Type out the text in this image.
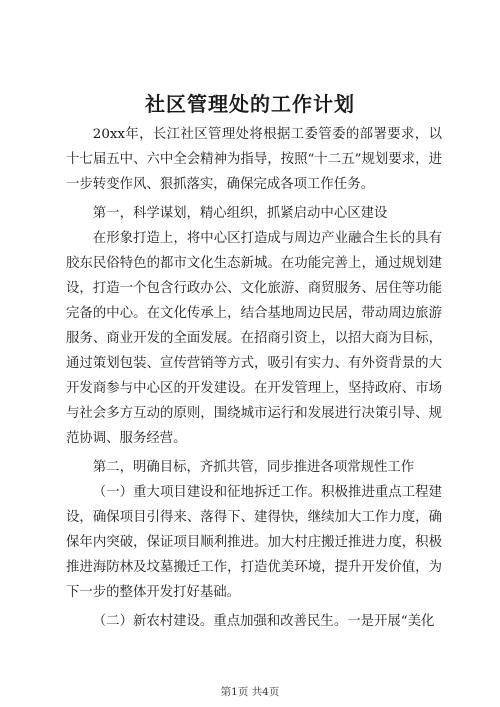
社区管理处的工作计划

20xx年，长江社区管理处将根据工委管委的部署要求，以十七届五中、六中全会精神为指导，按照“十二五”规划要求，进一步转变作风、狠抓落实，确保完成各项工作任务。

第一，科学谋划，精心组织，抓紧启动中心区建设

在形象打造上，将中心区打造成与周边产业融合生长的具有胶东民俗特色的都市文化生态新城。在功能完善上，通过规划建设，打造一个包含行政办公、文化旅游、商贸服务、居住等功能完备的中心。在文化传承上，结合基地周边民居，带动周边旅游服务、商业开发的全面发展。在招商引资上，以招大商为目标，通过策划包装、宣传营销等方式，吸引有实力、有外资背景的大开发商参与中心区的开发建设。在开发管理上，坚持政府、市场与社会多方互动的原则，围绕城市运行和发展进行决策引导、规范协调、服务经营。

第二，明确目标，齐抓共管，同步推进各项常规性工作

（一）重大项目建设和征地拆迁工作。积极推进重点工程建设，确保项目引得来、落得下、建得快，继续加大工作力度，确保年内突破，保证项目顺利推进。加大村庄搬迁推进力度，积极推进海防林及坟墓搬迁工作，打造优美环境，提升开发价值，为下一步的整体开发打好基础。

（二）新农村建设。重点加强和改善民生。一是开展“美化

第1页 共4页
